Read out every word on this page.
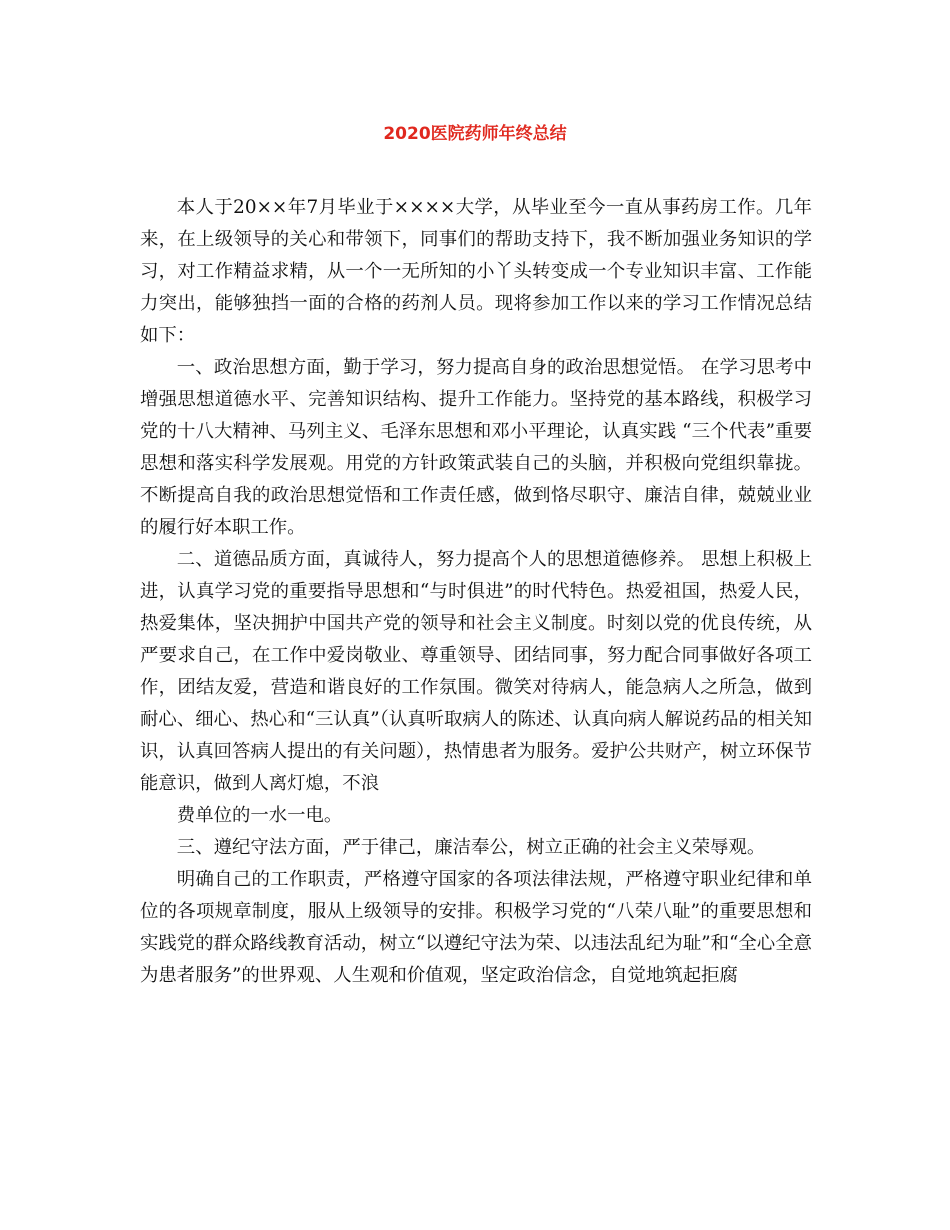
2020医院药师年终总结

本人于20××年7月毕业于××××大学，从毕业至今一直从事药房工作。几年来，在上级领导的关心和带领下，同事们的帮助支持下，我不断加强业务知识的学习，对工作精益求精，从一个一无所知的小丫头转变成一个专业知识丰富、工作能力突出，能够独挡一面的合格的药剂人员。现将参加工作以来的学习工作情况总结如下：

一、政治思想方面，勤于学习，努力提高自身的政治思想觉悟。 在学习思考中增强思想道德水平、完善知识结构、提升工作能力。坚持党的基本路线，积极学习党的十八大精神、马列主义、毛泽东思想和邓小平理论，认真实践 “三个代表”重要思想和落实科学发展观。用党的方针政策武装自己的头脑，并积极向党组织靠拢。不断提高自我的政治思想觉悟和工作责任感，做到恪尽职守、廉洁自律，兢兢业业的履行好本职工作。

二、道德品质方面，真诚待人，努力提高个人的思想道德修养。 思想上积极上进，认真学习党的重要指导思想和“与时俱进”的时代特色。热爱祖国，热爱人民，热爱集体，坚决拥护中国共产党的领导和社会主义制度。时刻以党的优良传统，从严要求自己，在工作中爱岗敬业、尊重领导、团结同事，努力配合同事做好各项工作，团结友爱，营造和谐良好的工作氛围。微笑对待病人，能急病人之所急，做到耐心、细心、热心和“三认真”（认真听取病人的陈述、认真向病人解说药品的相关知识，认真回答病人提出的有关问题），热情患者为服务。爱护公共财产，树立环保节能意识，做到人离灯熄，不浪

费单位的一水一电。

三、遵纪守法方面，严于律己，廉洁奉公，树立正确的社会主义荣辱观。

明确自己的工作职责，严格遵守国家的各项法律法规，严格遵守职业纪律和单位的各项规章制度，服从上级领导的安排。积极学习党的“八荣八耻”的重要思想和实践党的群众路线教育活动，树立“以遵纪守法为荣、以违法乱纪为耻”和“全心全意为患者服务”的世界观、人生观和价值观，坚定政治信念，自觉地筑起拒腐
